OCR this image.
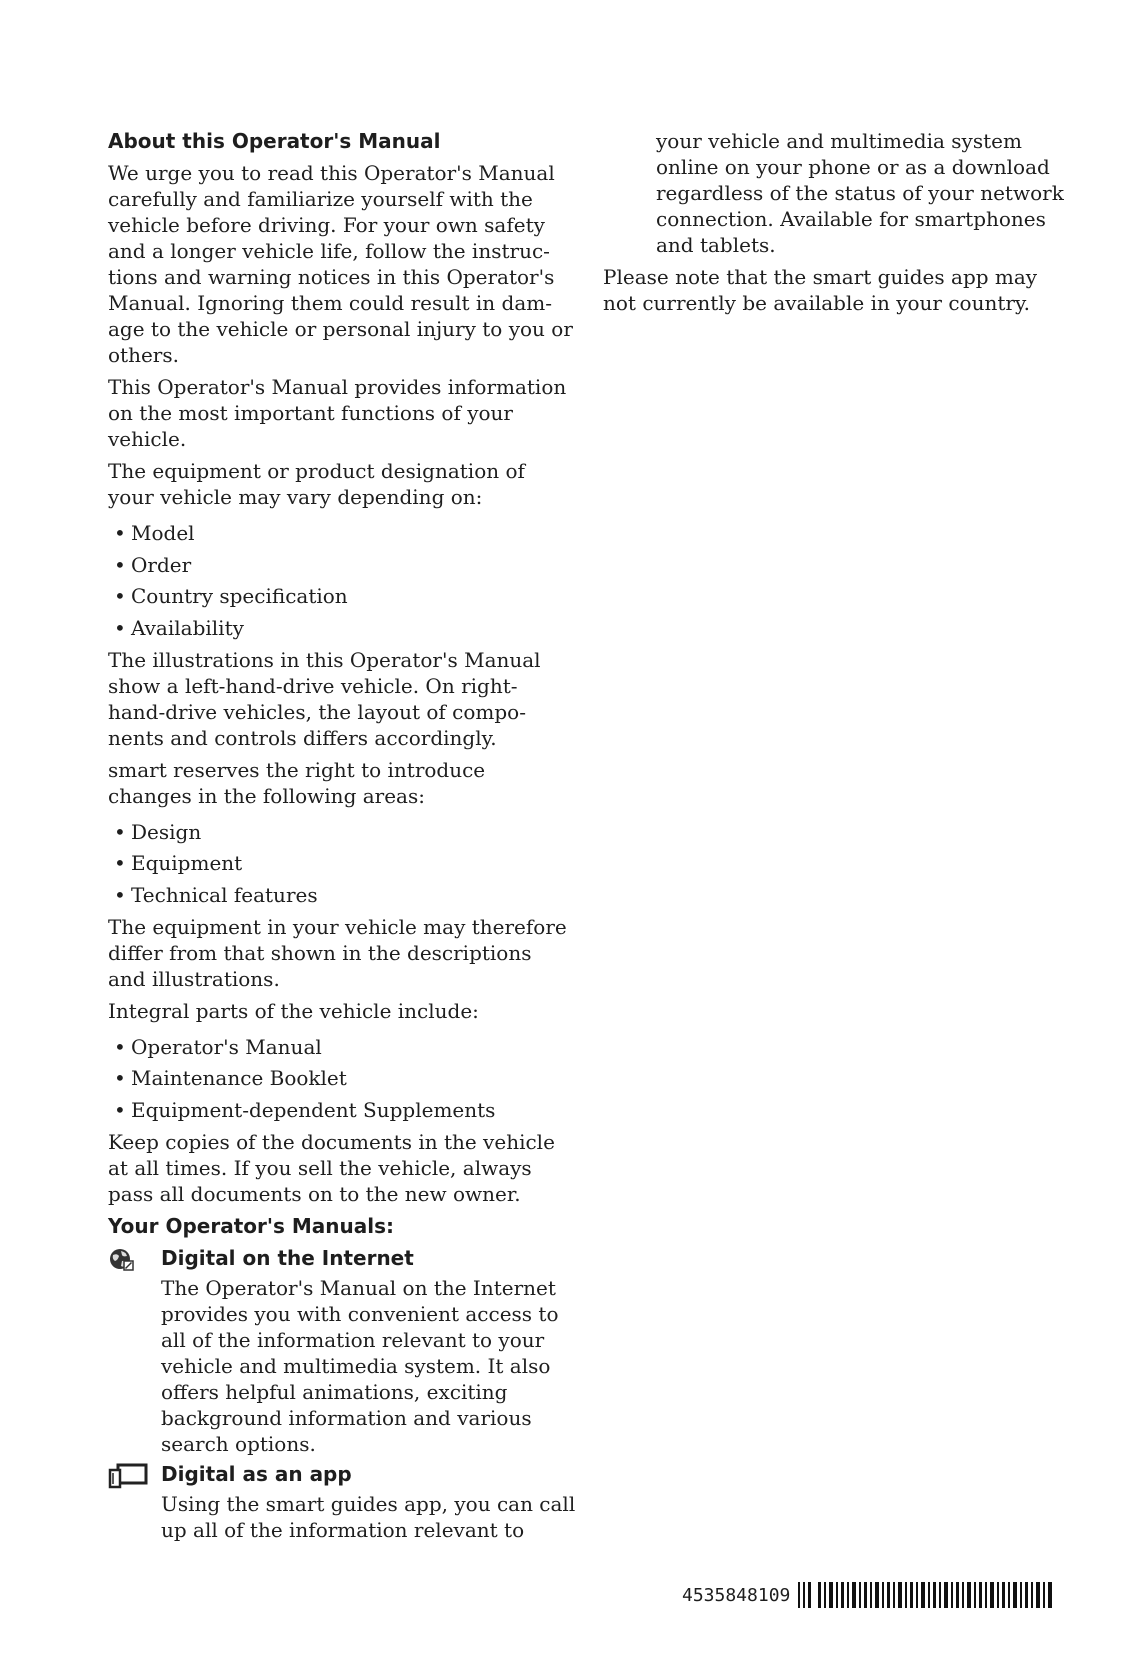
About this Operator's Manual

We urge you to read this Operator's Manual
carefully and familiarize yourself with the
vehicle before driving. For your own safety
and a longer vehicle life, follow the instruc-
tions and warning notices in this Operator's
Manual. Ignoring them could result in dam-
age to the vehicle or personal injury to you or
others.

This Operator's Manual provides information
on the most important functions of your
vehicle.

The equipment or product designation of
your vehicle may vary depending on:

• Model
• Order
• Country specification
• Availability

The illustrations in this Operator's Manual
show a left-hand-drive vehicle. On right-
hand-drive vehicles, the layout of compo-
nents and controls differs accordingly.

smart reserves the right to introduce
changes in the following areas:

• Design
• Equipment
• Technical features

The equipment in your vehicle may therefore
differ from that shown in the descriptions
and illustrations.

Integral parts of the vehicle include:

• Operator's Manual
• Maintenance Booklet
• Equipment-dependent Supplements

Keep copies of the documents in the vehicle
at all times. If you sell the vehicle, always
pass all documents on to the new owner.

Your Operator's Manuals:
Digital on the Internet

The Operator's Manual on the Internet
provides you with convenient access to
all of the information relevant to your
vehicle and multimedia system. It also
offers helpful animations, exciting
background information and various
search options.

Digital as an app

Using the smart guides app, you can call
up all of the information relevant to

your vehicle and multimedia system
online on your phone or as a download
regardless of the status of your network
connection. Available for smartphones
and tablets.

Please note that the smart guides app may
not currently be available in your country.

4535848109
